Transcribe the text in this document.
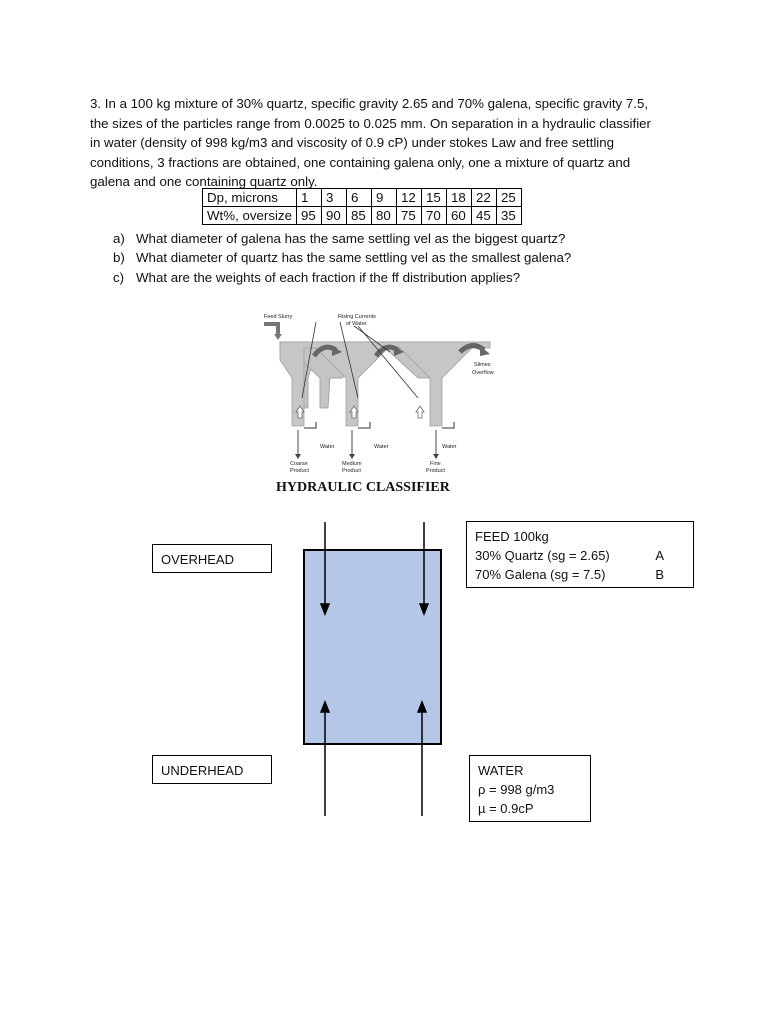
3. In a 100 kg mixture of 30% quartz, specific gravity 2.65 and 70% galena, specific gravity 7.5,

the sizes of the particles range from 0.0025 to 0.025 mm. On separation in a hydraulic classifier

in water (density of 998 kg/m3 and viscosity of 0.9 cP) under stokes Law and free settling

conditions, 3 fractions are obtained, one containing galena only, one a mixture of quartz and

galena and one containing quartz only.

Dp, microns	1	3	6	9	12	15	18	22	25
Wt%, oversize	95	90	85	80	75	70	60	45	35
a) What diameter of galena has the same settling vel as the biggest quartz?
b) What diameter of quartz has the same settling vel as the smallest galena?
c) What are the weights of each fraction if the ff distribution applies?
Feed Slurry	Rising Currents
of Water
Slimes
Overflow
Water	Water	Water
Coarse
Product
Medium
Product
Fine
Product
HYDRAULIC CLASSIFIER
OVERHEAD
UNDERHEAD
FEED 100kg
30% Quartz (sg = 2.65)	A
70% Galena (sg = 7.5)	B
WATER
ρ = 998 g/m3
µ = 0.9cP
